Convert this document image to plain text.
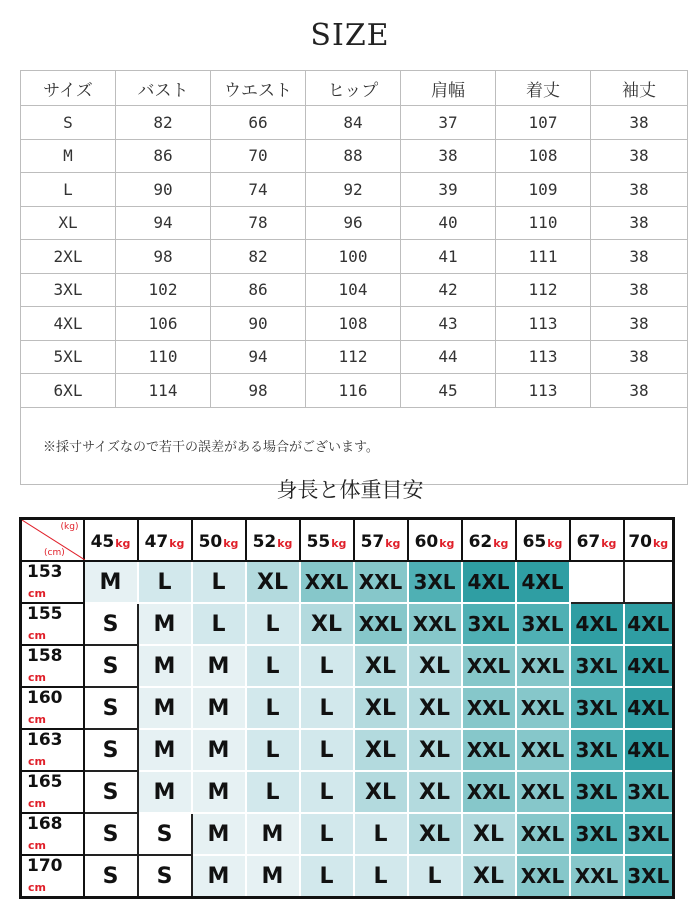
SIZE
サイズ	バスト	ウエスト	ヒップ	肩幅	着丈	袖丈
S	82	66	84	37	107	38
M	86	70	88	38	108	38
L	90	74	92	39	109	38
XL	94	78	96	40	110	38
2XL	98	82	100	41	111	38
3XL	102	86	104	42	112	38
4XL	106	90	108	43	113	38
5XL	110	94	112	44	113	38
6XL	114	98	116	45	113	38
※採寸サイズなので若干の誤差がある場合がございます。						
身長と体重目安
(kg)
(cm)	45kg	47kg	50kg	52kg	55kg	57kg	60kg	62kg	65kg	67kg	70kg
153 cm	M	L	L	XL	XXL	XXL	3XL	4XL	4XL		
155 cm	S	M	L	L	XL	XXL	XXL	3XL	3XL	4XL	4XL
158 cm	S	M	M	L	L	XL	XL	XXL	XXL	3XL	4XL
160 cm	S	M	M	L	L	XL	XL	XXL	XXL	3XL	4XL
163 cm	S	M	M	L	L	XL	XL	XXL	XXL	3XL	4XL
165 cm	S	M	M	L	L	XL	XL	XXL	XXL	3XL	3XL
168 cm	S	S	M	M	L	L	XL	XL	XXL	3XL	3XL
170 cm	S	S	M	M	L	L	L	XL	XXL	XXL	3XL
